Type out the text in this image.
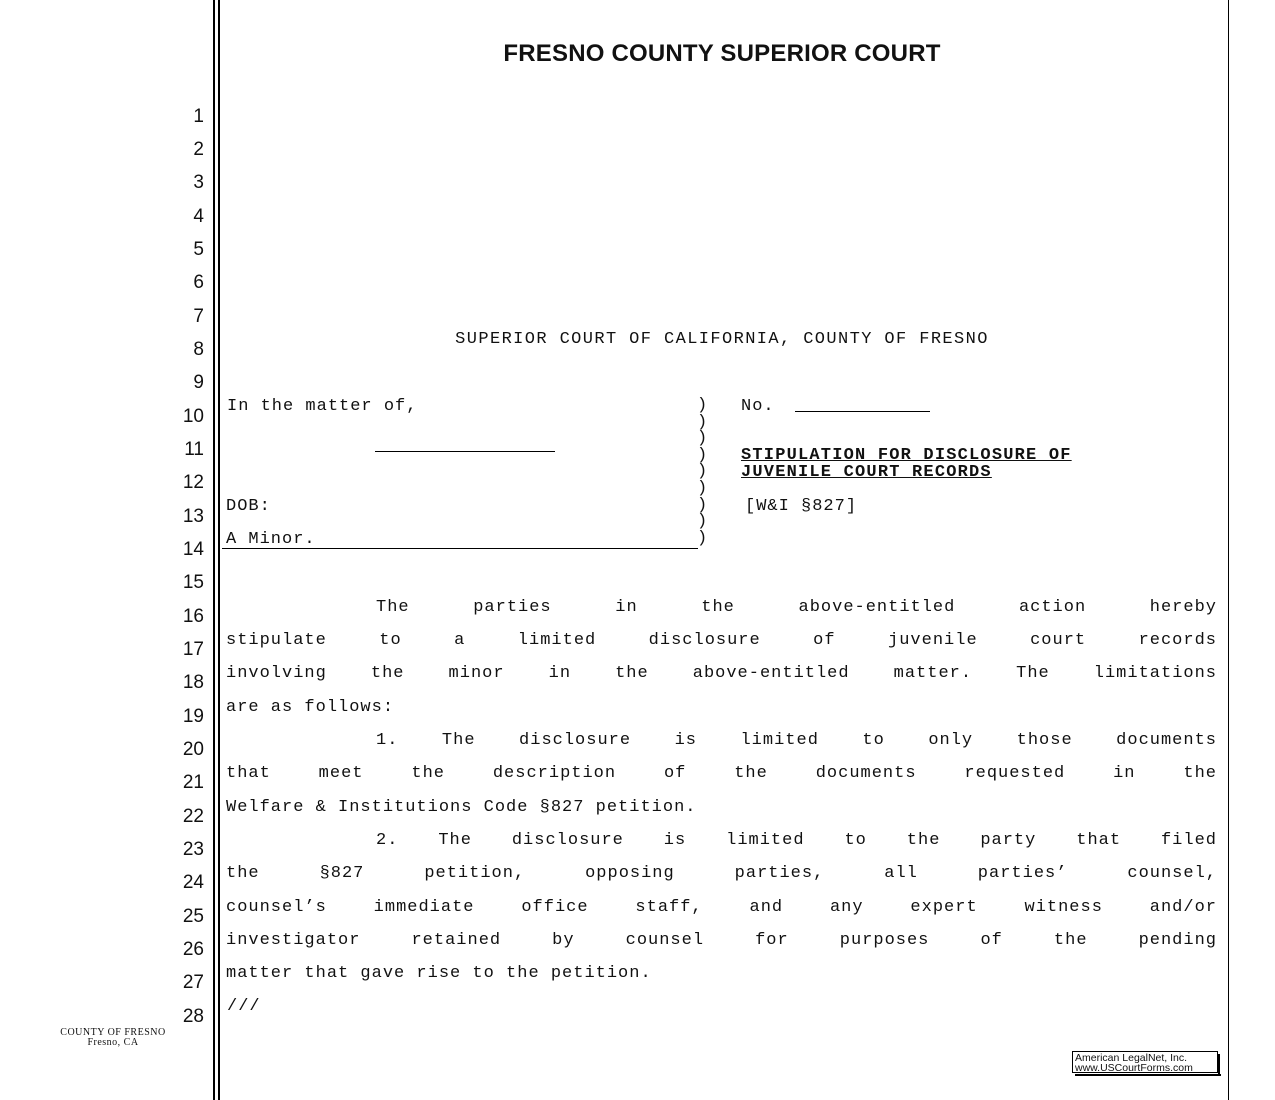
FRESNO COUNTY SUPERIOR COURT
1
2
3
4
5
6
7
8
9
10
11
12
13
14
15
16
17
18
19
20
21
22
23
24
25
26
27
28
COUNTY OF FRESNO
Fresno, CA
SUPERIOR COURT OF CALIFORNIA, COUNTY OF FRESNO
In the matter of,
DOB:
A Minor.
)
)
)
)
)
)
)
)
)
No.
STIPULATION FOR DISCLOSURE OF
JUVENILE COURT RECORDS
[W&I §827]
The parties in the above-entitled action hereby
stipulate to a limited disclosure of juvenile court records
involving the minor in the above-entitled matter. The limitations
are as follows:
1. The disclosure is limited to only those documents
that meet the description of the documents requested in the
Welfare & Institutions Code §827 petition.
2. The disclosure is limited to the party that filed
the §827 petition, opposing parties, all parties’ counsel,
counsel’s immediate office staff, and any expert witness and/or
investigator retained by counsel for purposes of the pending
matter that gave rise to the petition.
///
American LegalNet, Inc.
www.USCourtForms.com
